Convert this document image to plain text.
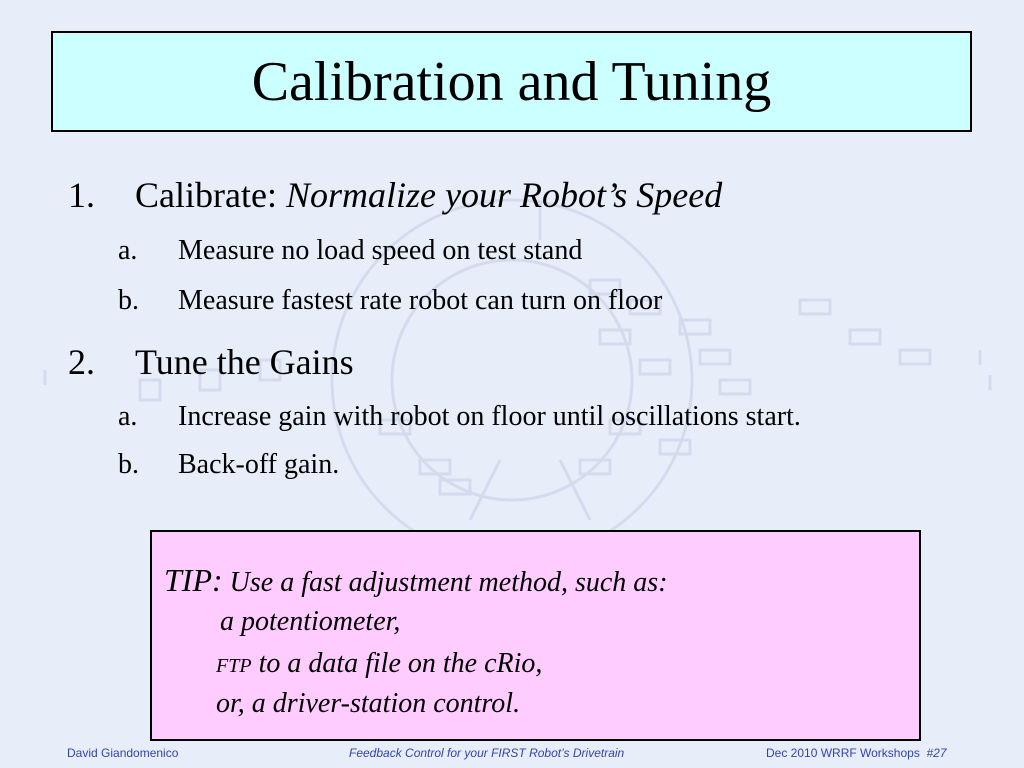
Calibration and Tuning
1. Calibrate: Normalize your Robot’s Speed
a. Measure no load speed on test stand
b. Measure fastest rate robot can turn on floor
2. Tune the Gains
a. Increase gain with robot on floor until oscillations start.
b. Back-off gain.
TIP: Use a fast adjustment method, such as:
a potentiometer,
FTP to a data file on the cRio,
or, a driver-station control.
David Giandomenico	Feedback Control for your FIRST Robot’s Drivetrain	Dec 2010 WRRF Workshops #27
